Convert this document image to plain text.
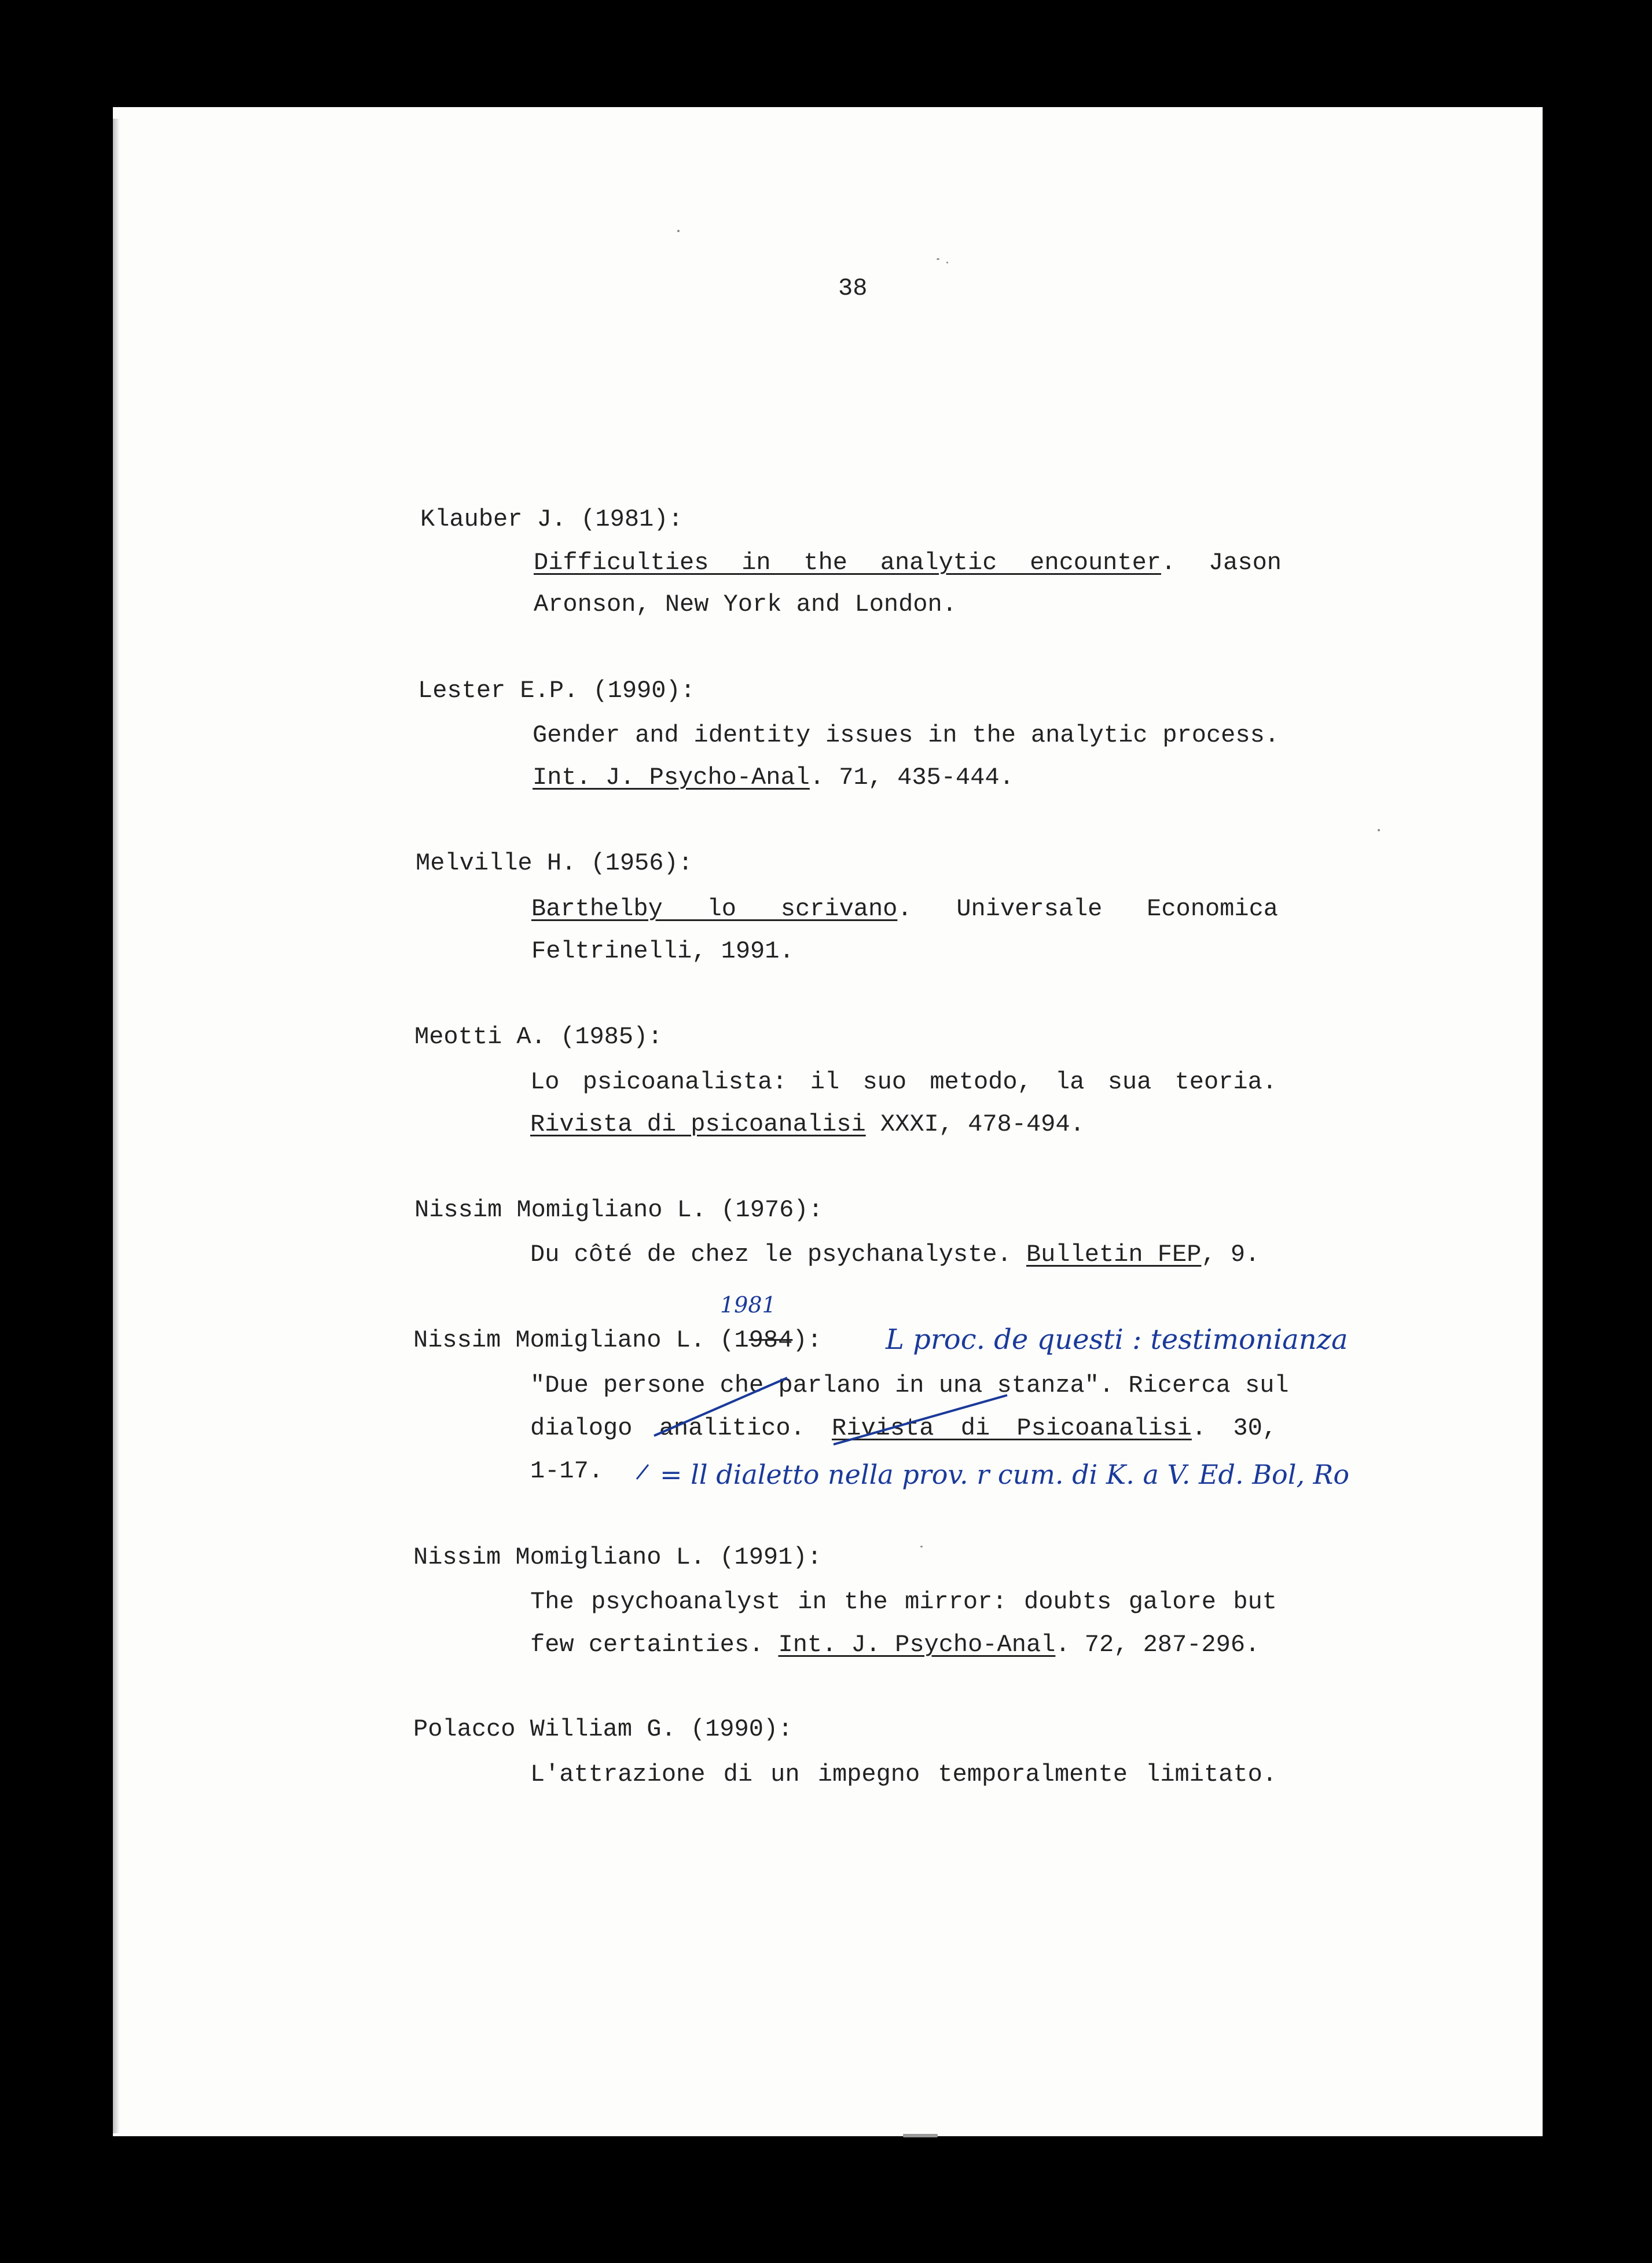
38
Klauber J. (1981):
Difficulties in the analytic encounter. Jason
Aronson, New York and London.
Lester E.P. (1990):
Gender and identity issues in the analytic process.
Int. J. Psycho-Anal. 71, 435-444.
Melville H. (1956):
Barthelby lo scrivano. Universale Economica
Feltrinelli, 1991.
Meotti A. (1985):
Lo psicoanalista: il suo metodo, la sua teoria.
Rivista di psicoanalisi XXXI, 478-494.
Nissim Momigliano L. (1976):
Du côté de chez le psychanalyste. Bulletin FEP, 9.
Nissim Momigliano L. (1984):
1981
L proc. de questi : testimonianza
"Due persone che parlano in una stanza". Ricerca sul
dialogo analitico. Rivista di Psicoanalisi. 30,
1-17. = ll dialetto nella prov. r cum. di K. a V. Ed. Bol, Ro
Nissim Momigliano L. (1991):
The psychoanalyst in the mirror: doubts galore but
few certainties. Int. J. Psycho-Anal. 72, 287-296.
Polacco William G. (1990):
L'attrazione di un impegno temporalmente limitato.
